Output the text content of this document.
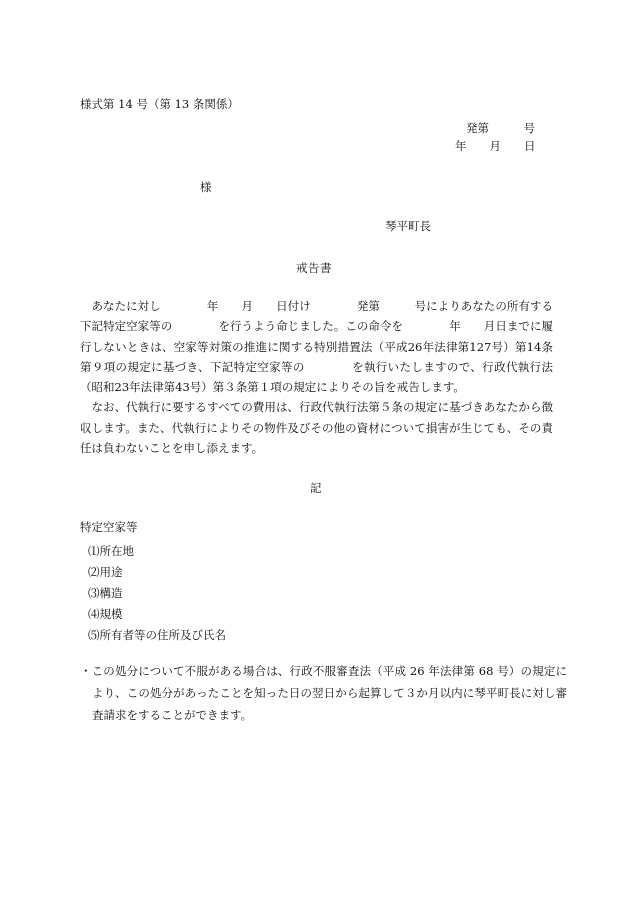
様式第 14 号（第 13 条関係）
発第　　　号
年　　月　　日
様
琴平町長
戒告書

あなたに対し　　　　年　　月　　日付け　　　　発第　　　号によりあなたの所有する下記特定空家等の　　　　を行うよう命じました。この命令を　　　　年　　月日までに履行しないときは、空家等対策の推進に関する特別措置法（平成26年法律第127号）第14条第９項の規定に基づき、下記特定空家等の　　　　を執行いたしますので、行政代執行法（昭和23年法律第43号）第３条第１項の規定によりその旨を戒告します。

なお、代執行に要するすべての費用は、行政代執行法第５条の規定に基づきあなたから徴収します。また、代執行によりその物件及びその他の資材について損害が生じても、その責任は負わないことを申し添えます。

記
特定空家等
⑴所在地
⑵用途
⑶構造
⑷規模
⑸所有者等の住所及び氏名
・この処分について不服がある場合は、行政不服審査法（平成 26 年法律第 68 号）の規定により、この処分があったことを知った日の翌日から起算して３か月以内に琴平町長に対し審査請求をすることができます。
